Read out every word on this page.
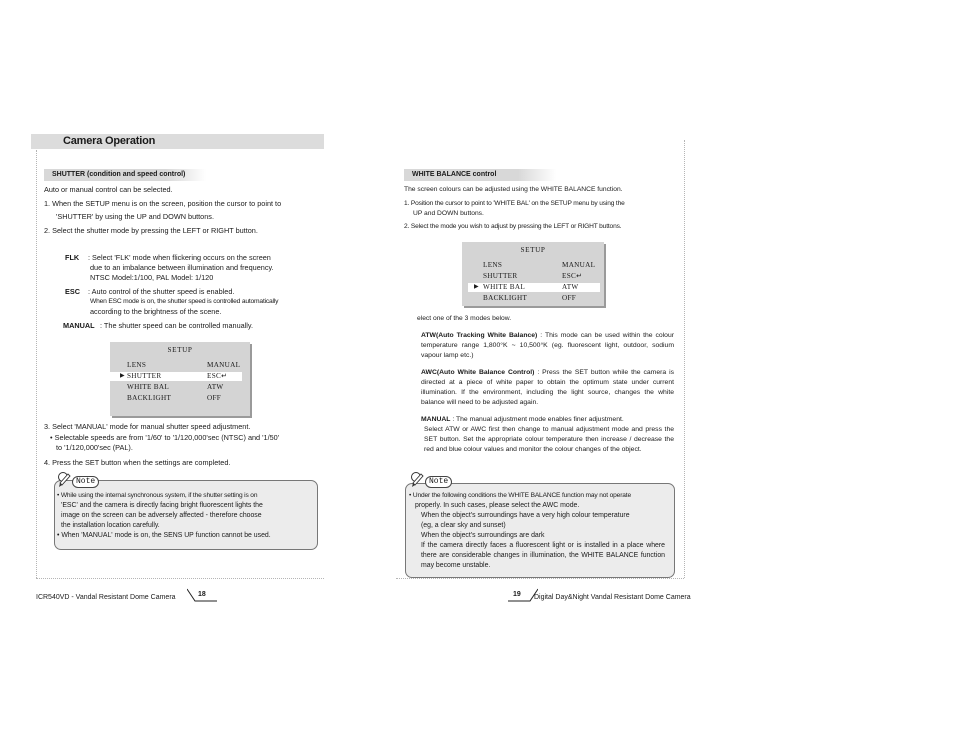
Camera Operation
SHUTTER (condition and speed control)
Auto or manual control can be selected.
1. When the SETUP menu is on the screen, position the cursor to point to
'SHUTTER' by using the UP and DOWN buttons.
2. Select the shutter mode by pressing the LEFT or RIGHT button.
FLK : Select 'FLK' mode when flickering occurs on the screen
due to an imbalance between illumination and frequency.
NTSC Model:1/100, PAL Model: 1/120
ESC : Auto control of the shutter speed is enabled.
When ESC mode is on, the shutter speed is controlled automatically
according to the brightness of the scene.
MANUAL : The shutter speed can be controlled manually.
SETUP
LENS	MANUAL
▶ SHUTTER	ESC↵
WHITE BAL	ATW
BACKLIGHT	OFF
3. Select 'MANUAL' mode for manual shutter speed adjustment.
• Selectable speeds are from '1/60' to '1/120,000'sec (NTSC) and '1/50'
to '1/120,000'sec (PAL).
4. Press the SET button when the settings are completed.
Note
• While using the internal synchronous system, if the shutter setting is on
'ESC' and the camera is directly facing bright fluorescent lights the
image on the screen can be adversely affected - therefore choose
the installation location carefully.
• When 'MANUAL' mode is on, the SENS UP function cannot be used.
WHITE BALANCE control
The screen colours can be adjusted using the WHITE BALANCE function.
1. Position the cursor to point to 'WHITE BAL' on the SETUP menu by using the
UP and DOWN buttons.
2. Select the mode you wish to adjust by pressing the LEFT or RIGHT buttons.
SETUP
LENS	MANUAL
SHUTTER	ESC↵
▶ WHITE BAL	ATW
BACKLIGHT	OFF
elect one of the 3 modes below.
ATW(Auto Tracking White Balance) : This mode can be used within the colour temperature range 1,800°K ~ 10,500°K (eg. fluorescent light, outdoor, sodium vapour lamp etc.)
AWC(Auto White Balance Control) : Press the SET button while the camera is directed at a piece of white paper to obtain the optimum state under current illumination. If the environment, including the light source, changes the white balance will need to be adjusted again.
MANUAL : The manual adjustment mode enables finer adjustment.
Select ATW or AWC first then change to manual adjustment mode and press the SET button. Set the appropriate colour temperature then increase / decrease the red and blue colour values and monitor the colour changes of the object.
Note
• Under the following conditions the WHITE BALANCE function may not operate
properly. In such cases, please select the AWC mode.
When the object's surroundings have a very high colour temperature
(eg, a clear sky and sunset)
When the object's surroundings are dark
If the camera directly faces a fluorescent light or is installed in a place where there are considerable changes in illumination, the WHITE BALANCE function may become unstable.
ICR540VD - Vandal Resistant Dome Camera	18	19 Digital Day&Night Vandal Resistant Dome Camera
